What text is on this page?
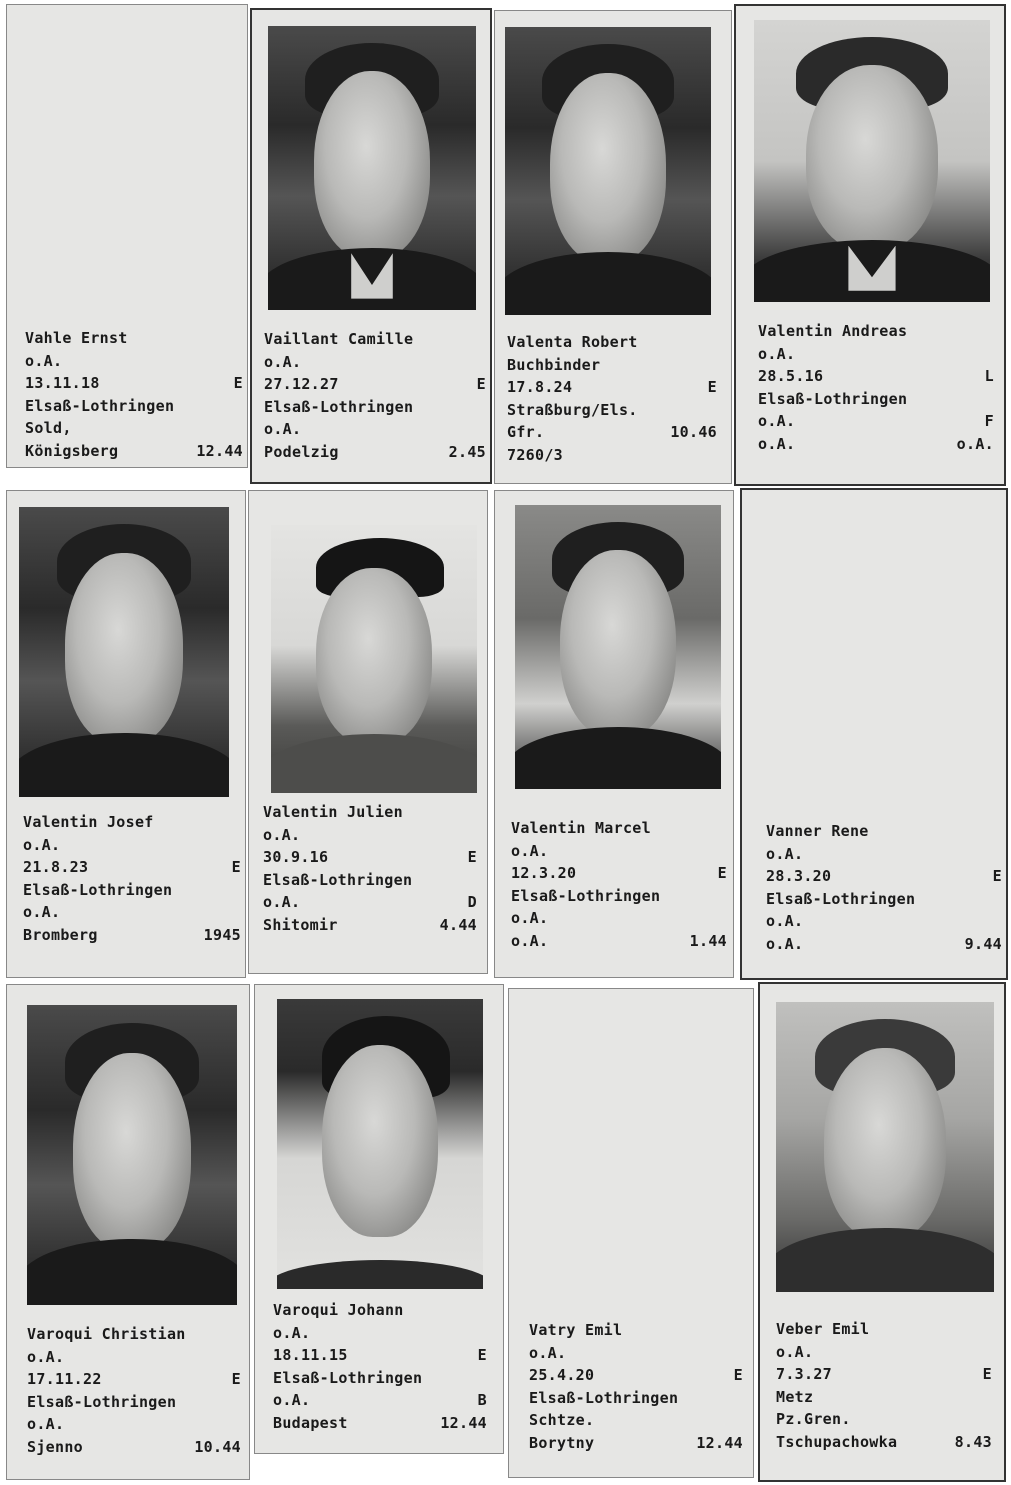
Vahle Ernst
o.A.
13.11.18	E
Elsaß-Lothringen
Sold,
Königsberg	12.44
Vaillant Camille
o.A.
27.12.27	E
Elsaß-Lothringen
o.A.
Podelzig	2.45
Valenta Robert
Buchbinder
17.8.24	E
Straßburg/Els.
Gfr.	10.46
7260/3
Valentin Andreas
o.A.
28.5.16	L
Elsaß-Lothringen
o.A.	F
o.A.	o.A.
Valentin Josef
o.A.
21.8.23	E
Elsaß-Lothringen
o.A.
Bromberg	1945
Valentin Julien
o.A.
30.9.16	E
Elsaß-Lothringen
o.A.	D
Shitomir	4.44
Valentin Marcel
o.A.
12.3.20	E
Elsaß-Lothringen
o.A.
o.A.	1.44
Vanner Rene
o.A.
28.3.20	E
Elsaß-Lothringen
o.A.
o.A.	9.44
Varoqui Christian
o.A.
17.11.22	E
Elsaß-Lothringen
o.A.
Sjenno	10.44
Varoqui Johann
o.A.
18.11.15	E
Elsaß-Lothringen
o.A.	B
Budapest	12.44
Vatry Emil
o.A.
25.4.20	E
Elsaß-Lothringen
Schtze.
Borytny	12.44
Veber Emil
o.A.
7.3.27	E
Metz
Pz.Gren.
Tschupachowka	8.43
